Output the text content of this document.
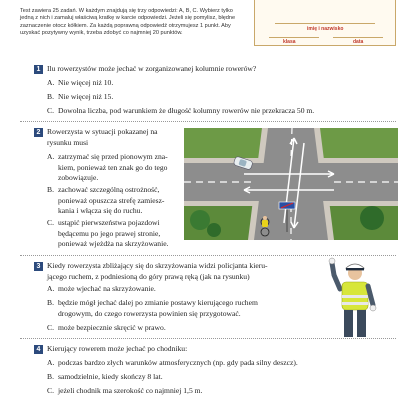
Test zawiera 25 zadań. W każdym znajdują się trzy odpowiedzi: A, B, C. Wybierz tylko jedną z nich i zamaluj właściwą kratkę w karcie odpowiedzi. Jeżeli się pomylisz, błędne zaznaczenie otocz kółkiem. Za każdą poprawną odpowiedź otrzymujesz 1 punkt. Aby uzyskać pozytywny wynik, trzeba zdobyć co najmniej 20 punktów.
imię i nazwisko
klasa	data
1 Ilu rowerzystów może jechać w zorganizowanej kolumnie rowerów?
A. Nie więcej niż 10.
B. Nie więcej niż 15.
C. Dowolna liczba, pod warunkiem że długość kolumny rowerów nie przekracza 50 m.
2 Rowerzysta w sytuacji pokazanej na
rysunku musi
A. zatrzymać się przed pionowym zna-
kiem, ponieważ ten znak go do tego
zobowiązuje.
B. zachować szczególną ostrożność,
ponieważ opuszcza strefę zamiesz-
kania i włącza się do ruchu.
C. ustąpić pierwszeństwa pojazdowi
będącemu po jego prawej stronie,
ponieważ wjeżdża na skrzyżowanie.
3 Kiedy rowerzysta zbliżający się do skrzyżowania widzi policjanta kieru-
jącego ruchem, z podniesioną do góry prawą ręką (jak na rysunku)
A. może wjechać na skrzyżowanie.
B. będzie mógł jechać dalej po zmianie postawy kierującego ruchem
drogowym, do czego rowerzysta powinien się przygotować.
C. może bezpiecznie skręcić w prawo.
4 Kierujący rowerem może jechać po chodniku:
A. podczas bardzo złych warunków atmosferycznych (np. gdy pada silny deszcz).
B. samodzielnie, kiedy skończy 8 lat.
C. jeżeli chodnik ma szerokość co najmniej 1,5 m.
